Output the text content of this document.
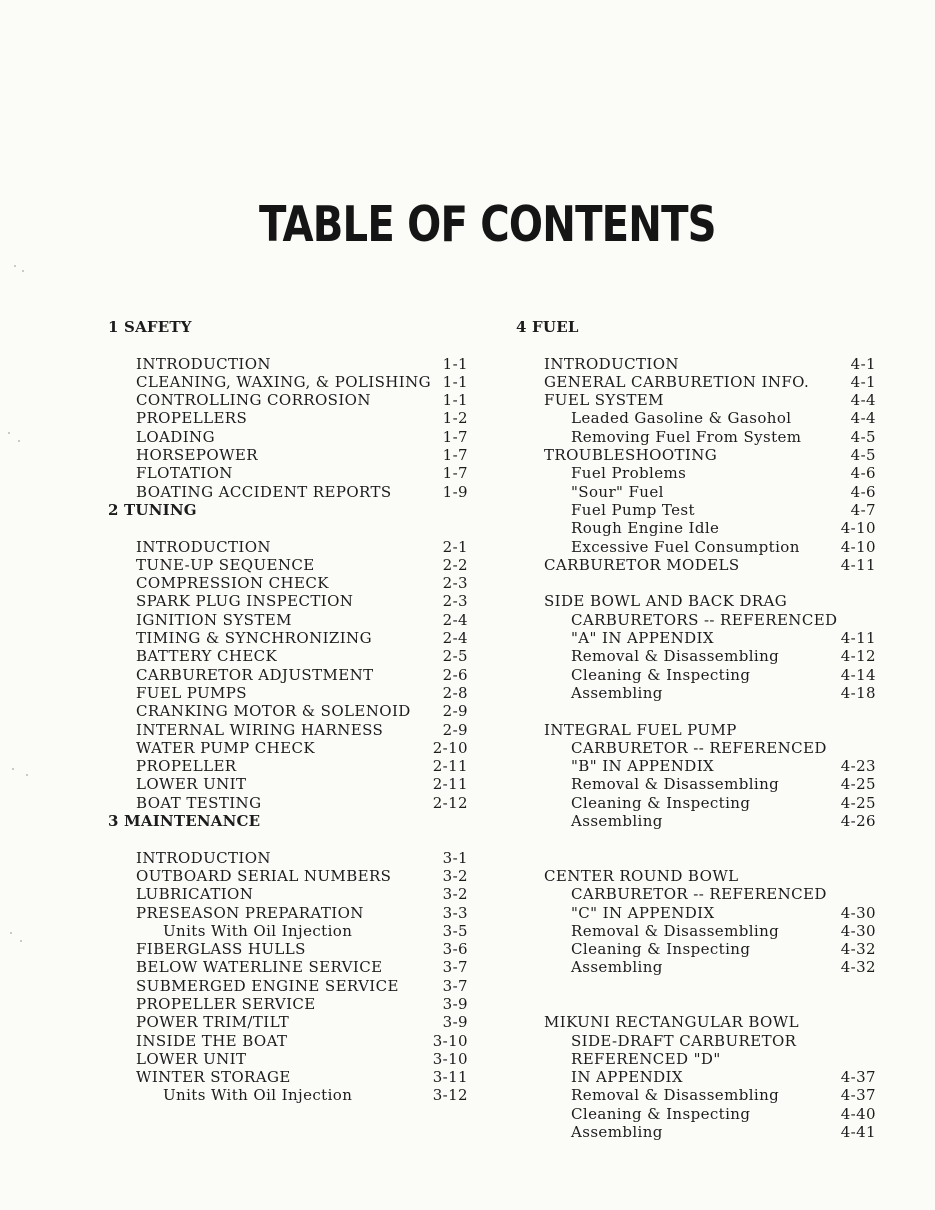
TABLE OF CONTENTS
1 SAFETY
INTRODUCTION	1-1
CLEANING, WAXING, & POLISHING 1-1
CONTROLLING CORROSION	1-1
PROPELLERS	1-2
LOADING	1-7
HORSEPOWER	1-7
FLOTATION	1-7
BOATING ACCIDENT REPORTS	1-9
2 TUNING
INTRODUCTION	2-1
TUNE-UP SEQUENCE	2-2
COMPRESSION CHECK	2-3
SPARK PLUG INSPECTION	2-3
IGNITION SYSTEM	2-4
TIMING & SYNCHRONIZING	2-4
BATTERY CHECK	2-5
CARBURETOR ADJUSTMENT	2-6
FUEL PUMPS	2-8
CRANKING MOTOR & SOLENOID 2-9
INTERNAL WIRING HARNESS	2-9
WATER PUMP CHECK	2-10
PROPELLER	2-11
LOWER UNIT	2-11
BOAT TESTING	2-12
3 MAINTENANCE
INTRODUCTION	3-1
OUTBOARD SERIAL NUMBERS	3-2
LUBRICATION	3-2
PRESEASON PREPARATION	3-3
Units With Oil Injection	3-5
FIBERGLASS HULLS	3-6
BELOW WATERLINE SERVICE	3-7
SUBMERGED ENGINE SERVICE	3-7
PROPELLER SERVICE	3-9
POWER TRIM/TILT	3-9
INSIDE THE BOAT	3-10
LOWER UNIT	3-10
WINTER STORAGE	3-11
Units With Oil Injection	3-12
4 FUEL
INTRODUCTION	4-1
GENERAL CARBURETION INFO.	4-1
FUEL SYSTEM	4-4
Leaded Gasoline & Gasohol	4-4
Removing Fuel From System	4-5
TROUBLESHOOTING	4-5
Fuel Problems	4-6
"Sour" Fuel	4-6
Fuel Pump Test	4-7
Rough Engine Idle	4-10
Excessive Fuel Consumption	4-10
CARBURETOR MODELS	4-11
SIDE BOWL AND BACK DRAG
CARBURETORS -- REFERENCED
"A" IN APPENDIX	4-11
Removal & Disassembling	4-12
Cleaning & Inspecting	4-14
Assembling	4-18
INTEGRAL FUEL PUMP
CARBURETOR -- REFERENCED
"B" IN APPENDIX	4-23
Removal & Disassembling	4-25
Cleaning & Inspecting	4-25
Assembling	4-26
CENTER ROUND BOWL
CARBURETOR -- REFERENCED
"C" IN APPENDIX	4-30
Removal & Disassembling	4-30
Cleaning & Inspecting	4-32
Assembling	4-32
MIKUNI RECTANGULAR BOWL
SIDE-DRAFT CARBURETOR
REFERENCED "D"
IN APPENDIX	4-37
Removal & Disassembling	4-37
Cleaning & Inspecting	4-40
Assembling	4-41
